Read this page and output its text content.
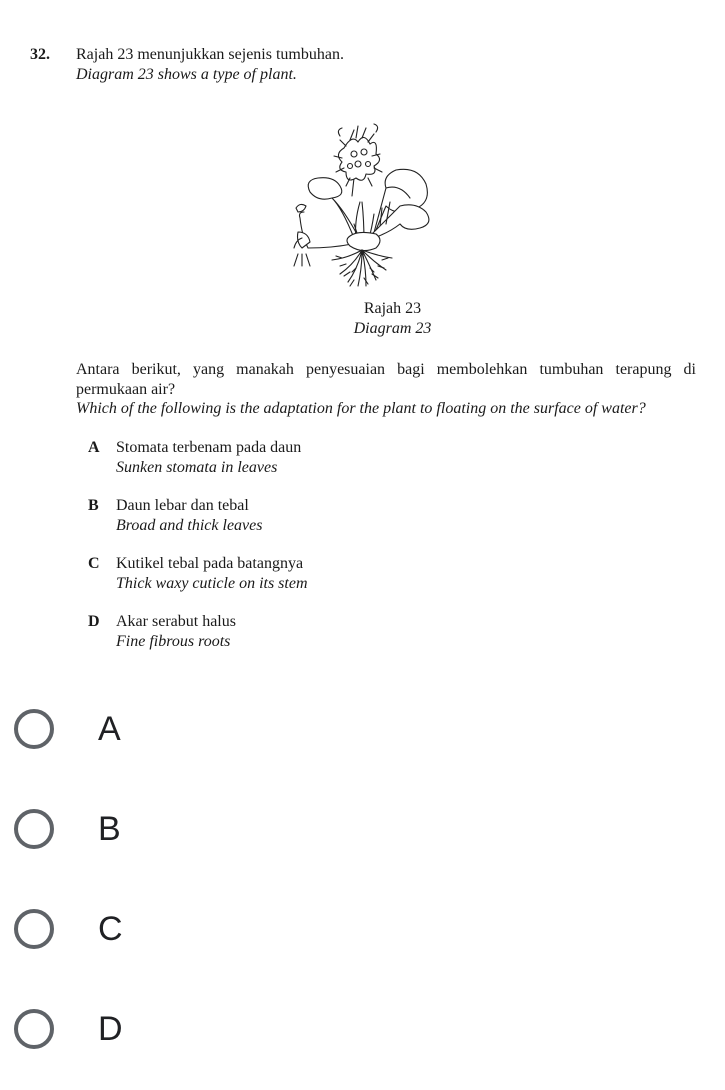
32. Rajah 23 menunjukkan sejenis tumbuhan.
Diagram 23 shows a type of plant.
Rajah 23
Diagram 23
Antara berikut, yang manakah penyesuaian bagi membolehkan tumbuhan terapung di permukaan air?
Which of the following is the adaptation for the plant to floating on the surface of water?
A	Stomata terbenam pada daun
Sunken stomata in leaves
B	Daun lebar dan tebal
Broad and thick leaves
C	Kutikel tebal pada batangnya
Thick waxy cuticle on its stem
D	Akar serabut halus
Fine fibrous roots
A
B
C
D
